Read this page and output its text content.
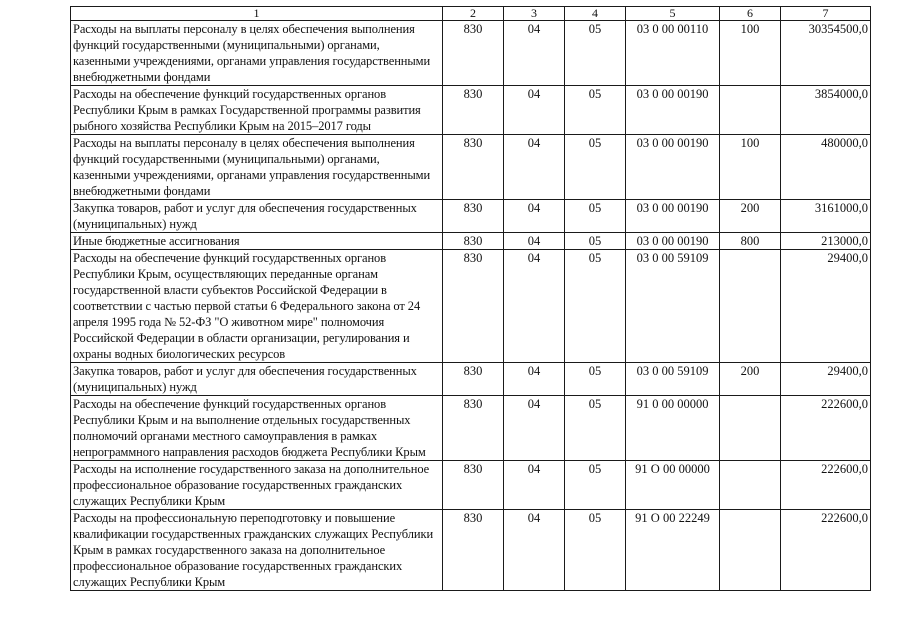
1	2	3	4	5	6	7
Расходы на выплаты персоналу в целях обеспечения выполнения функций государственными (муниципальными) органами, казенными учреждениями, органами управления государственными внебюджетными фондами	830	04	05	03 0 00 00110	100	30354500,0
Расходы на обеспечение функций государственных органов Республики Крым в рамках Государственной программы развития рыбного хозяйства Республики Крым на 2015–2017 годы	830	04	05	03 0 00 00190		3854000,0
Расходы на выплаты персоналу в целях обеспечения выполнения функций государственными (муниципальными) органами, казенными учреждениями, органами управления государственными внебюджетными фондами	830	04	05	03 0 00 00190	100	480000,0
Закупка товаров, работ и услуг для обеспечения государственных (муниципальных) нужд	830	04	05	03 0 00 00190	200	3161000,0
Иные бюджетные ассигнования	830	04	05	03 0 00 00190	800	213000,0
Расходы на обеспечение функций государственных органов Республики Крым, осуществляющих переданные органам государственной власти субъектов Российской Федерации в соответствии с частью первой статьи 6 Федерального закона от 24 апреля 1995 года № 52-ФЗ "О животном мире" полномочия Российской Федерации в области организации, регулирования и охраны водных биологических ресурсов	830	04	05	03 0 00 59109		29400,0
Закупка товаров, работ и услуг для обеспечения государственных (муниципальных) нужд	830	04	05	03 0 00 59109	200	29400,0
Расходы на обеспечение функций государственных органов Республики Крым и на выполнение отдельных государственных полномочий органами местного самоуправления в рамках непрограммного направления расходов бюджета Республики Крым	830	04	05	91 0 00 00000		222600,0
Расходы на исполнение государственного заказа на дополнительное профессиональное образование государственных гражданских служащих Республики Крым	830	04	05	91 О 00 00000		222600,0
Расходы на профессиональную переподготовку и повышение квалификации государственных гражданских служащих Республики Крым в рамках государственного заказа на дополнительное профессиональное образование государственных гражданских служащих Республики Крым	830	04	05	91 О 00 22249		222600,0
